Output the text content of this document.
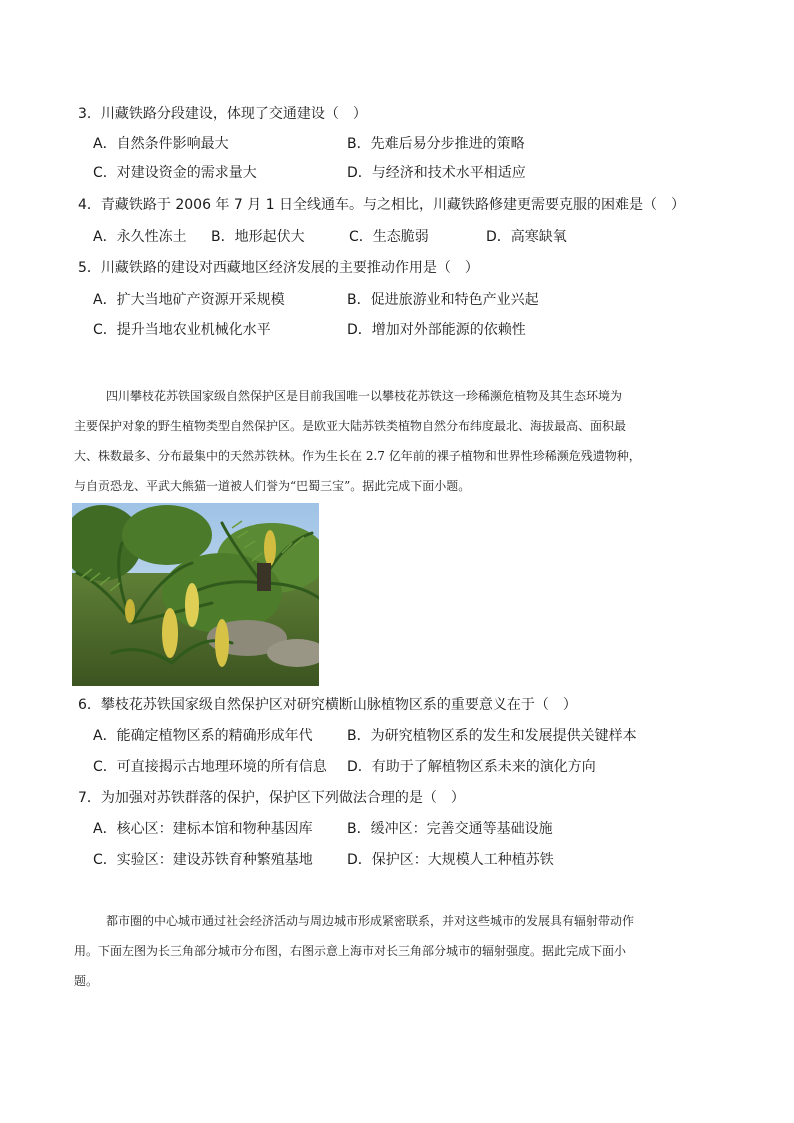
3．川藏铁路分段建设，体现了交通建设（　）
A．自然条件影响最大	B．先难后易分步推进的策略
C．对建设资金的需求量大	D．与经济和技术水平相适应
4．青藏铁路于 2006 年 7 月 1 日全线通车。与之相比，川藏铁路修建更需要克服的困难是（　）
A．永久性冻土 B．地形起伏大	C．生态脆弱	D．高寒缺氧
5．川藏铁路的建设对西藏地区经济发展的主要推动作用是（　）
A．扩大当地矿产资源开采规模	B．促进旅游业和特色产业兴起
C．提升当地农业机械化水平	D．增加对外部能源的依赖性
四川攀枝花苏铁国家级自然保护区是目前我国唯一以攀枝花苏铁这一珍稀濒危植物及其生态环境为
主要保护对象的野生植物类型自然保护区。是欧亚大陆苏铁类植物自然分布纬度最北、海拔最高、面积最
大、株数最多、分布最集中的天然苏铁林。作为生长在 2.7 亿年前的裸子植物和世界性珍稀濒危残遗物种，
与自贡恐龙、平武大熊猫一道被人们誉为“巴蜀三宝”。据此完成下面小题。
6．攀枝花苏铁国家级自然保护区对研究横断山脉植物区系的重要意义在于（　）
A．能确定植物区系的精确形成年代 B．为研究植物区系的发生和发展提供关键样本
C．可直接揭示古地理环境的所有信息 D．有助于了解植物区系未来的演化方向
7．为加强对苏铁群落的保护，保护区下列做法合理的是（　）
A．核心区：建标本馆和物种基因库 B．缓冲区：完善交通等基础设施
C．实验区：建设苏铁育种繁殖基地 D．保护区：大规模人工种植苏铁
都市圈的中心城市通过社会经济活动与周边城市形成紧密联系，并对这些城市的发展具有辐射带动作
用。下面左图为长三角部分城市分布图，右图示意上海市对长三角部分城市的辐射强度。据此完成下面小
题。
